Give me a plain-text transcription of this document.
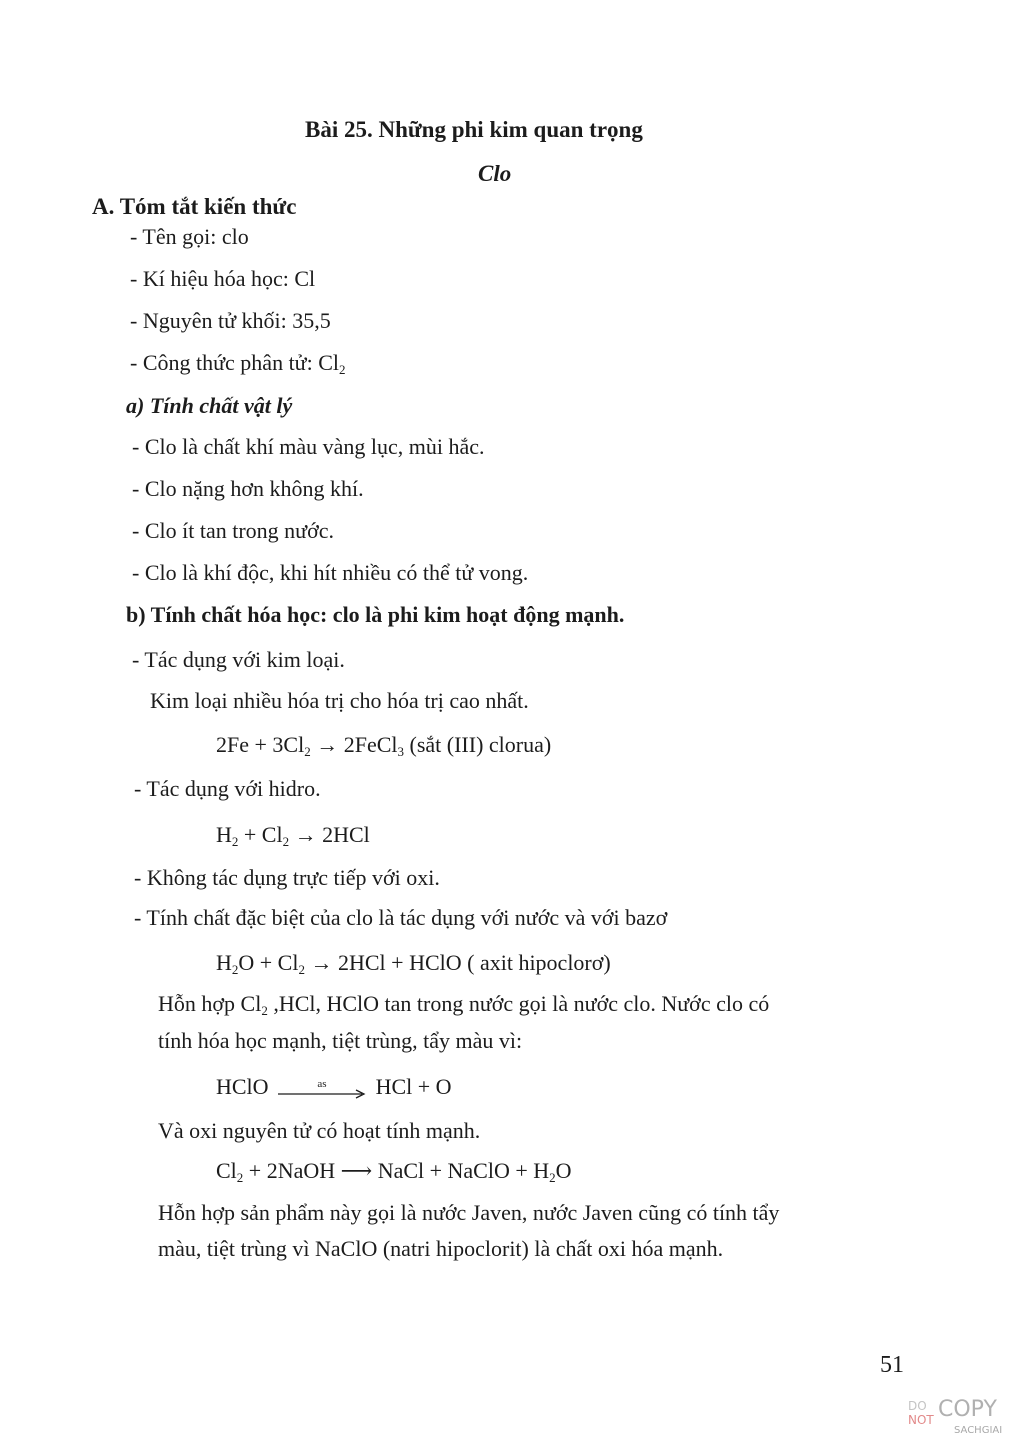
Bài 25. Những phi kim quan trọng
Clo
A. Tóm tắt kiến thức
- Tên gọi: clo
- Kí hiệu hóa học: Cl
- Nguyên tử khối: 35,5
- Công thức phân tử: Cl2
a) Tính chất vật lý
- Clo là chất khí màu vàng lục, mùi hắc.
- Clo nặng hơn không khí.
- Clo ít tan trong nước.
- Clo là khí độc, khi hít nhiều có thể tử vong.
b) Tính chất hóa học: clo là phi kim hoạt động mạnh.
- Tác dụng với kim loại.
Kim loại nhiều hóa trị cho hóa trị cao nhất.
2Fe + 3Cl2 → 2FeCl3 (sắt (III) clorua)
- Tác dụng với hidro.
H2 + Cl2 → 2HCl
- Không tác dụng trực tiếp với oxi.
- Tính chất đặc biệt của clo là tác dụng với nước và với bazơ
H2O + Cl2 → 2HCl + HClO ( axit hipoclorơ)
Hỗn hợp Cl2 ,HCl, HClO tan trong nước gọi là nước clo. Nước clo có
tính hóa học mạnh, tiệt trùng, tẩy màu vì:
HClO	as HCl + O
Và oxi nguyên tử có hoạt tính mạnh.
Cl2 + 2NaOH ⟶ NaCl + NaClO + H2O
Hỗn hợp sản phẩm này gọi là nước Javen, nước Javen cũng có tính tẩy
màu, tiệt trùng vì NaClO (natri hipoclorit) là chất oxi hóa mạnh.
51
DO
NOT COPY
SACHGIAI
